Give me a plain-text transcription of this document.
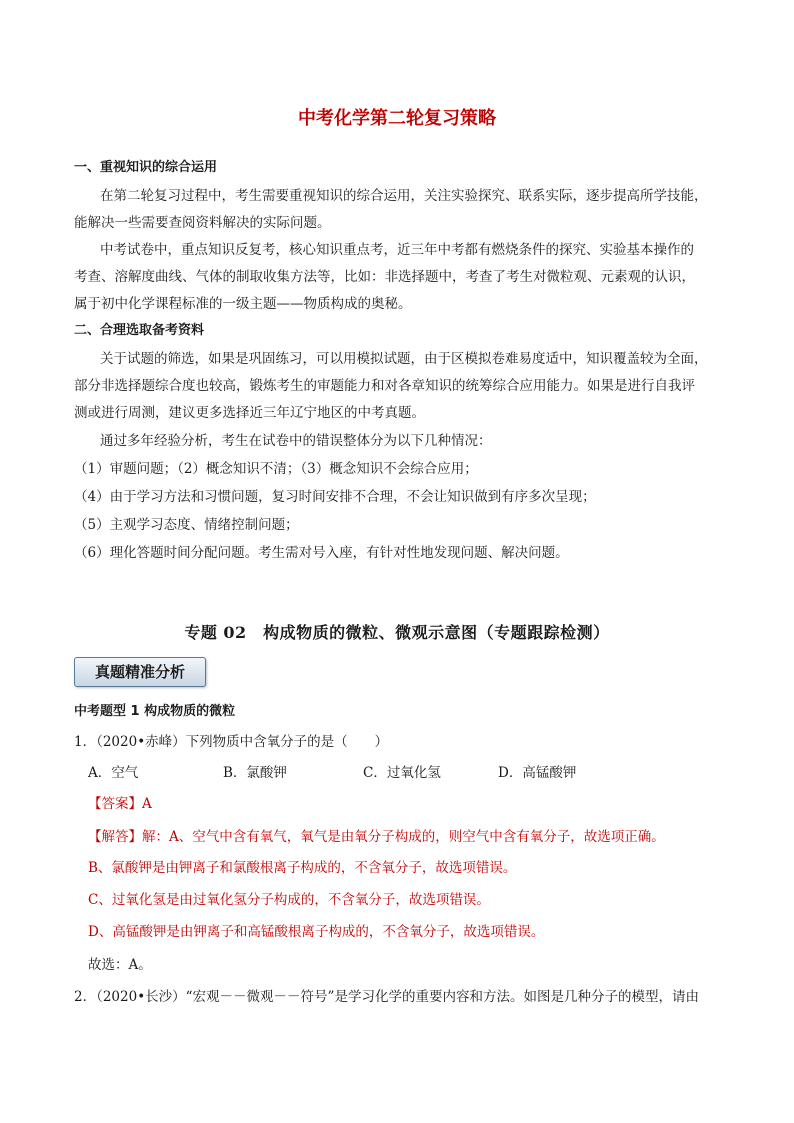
中考化学第二轮复习策略
一、重视知识的综合运用
在第二轮复习过程中，考生需要重视知识的综合运用，关注实验探究、联系实际，逐步提高所学技能，
能解决一些需要查阅资料解决的实际问题。
中考试卷中，重点知识反复考，核心知识重点考，近三年中考都有燃烧条件的探究、实验基本操作的
考查、溶解度曲线、气体的制取收集方法等，比如：非选择题中，考查了考生对微粒观、元素观的认识，
属于初中化学课程标准的一级主题——物质构成的奥秘。
二、合理选取备考资料
关于试题的筛选，如果是巩固练习，可以用模拟试题，由于区模拟卷难易度适中，知识覆盖较为全面，
部分非选择题综合度也较高，锻炼考生的审题能力和对各章知识的统筹综合应用能力。如果是进行自我评
测或进行周测，建议更多选择近三年辽宁地区的中考真题。
通过多年经验分析，考生在试卷中的错误整体分为以下几种情况：
（1）审题问题；（2）概念知识不清；（3）概念知识不会综合应用；
（4）由于学习方法和习惯问题，复习时间安排不合理，不会让知识做到有序多次呈现；
（5）主观学习态度、情绪控制问题；
（6）理化答题时间分配问题。考生需对号入座，有针对性地发现问题、解决问题。
专题 02　构成物质的微粒、微观示意图（专题跟踪检测）
真题精准分析
中考题型 1 构成物质的微粒
1．（2020•赤峰）下列物质中含氧分子的是（　　）
A．空气	B．氯酸钾	C．过氧化氢	D．高锰酸钾
【答案】A
【解答】解：A、空气中含有氧气，氧气是由氧分子构成的，则空气中含有氧分子，故选项正确。
B、氯酸钾是由钾离子和氯酸根离子构成的，不含氧分子，故选项错误。
C、过氧化氢是由过氧化氢分子构成的，不含氧分子，故选项错误。
D、高锰酸钾是由钾离子和高锰酸根离子构成的，不含氧分子，故选项错误。
故选：A。
2．（2020•长沙）“宏观－－微观－－符号”是学习化学的重要内容和方法。如图是几种分子的模型，请由
